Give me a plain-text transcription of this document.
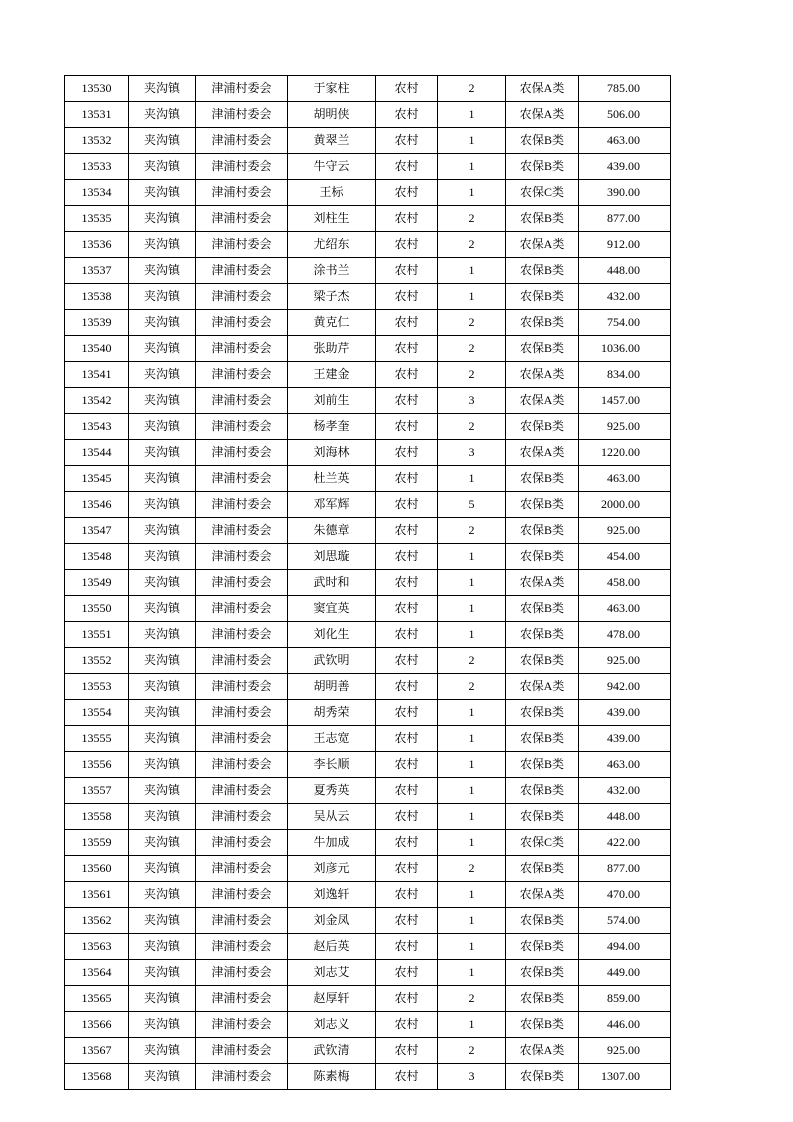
13530	夹沟镇	津浦村委会	于家柱	农村	2	农保A类	785.00
13531	夹沟镇	津浦村委会	胡明侠	农村	1	农保A类	506.00
13532	夹沟镇	津浦村委会	黄翠兰	农村	1	农保B类	463.00
13533	夹沟镇	津浦村委会	牛守云	农村	1	农保B类	439.00
13534	夹沟镇	津浦村委会	王标	农村	1	农保C类	390.00
13535	夹沟镇	津浦村委会	刘柱生	农村	2	农保B类	877.00
13536	夹沟镇	津浦村委会	尤绍东	农村	2	农保A类	912.00
13537	夹沟镇	津浦村委会	涂书兰	农村	1	农保B类	448.00
13538	夹沟镇	津浦村委会	梁子杰	农村	1	农保B类	432.00
13539	夹沟镇	津浦村委会	黄克仁	农村	2	农保B类	754.00
13540	夹沟镇	津浦村委会	张助芹	农村	2	农保B类	1036.00
13541	夹沟镇	津浦村委会	王建金	农村	2	农保A类	834.00
13542	夹沟镇	津浦村委会	刘前生	农村	3	农保A类	1457.00
13543	夹沟镇	津浦村委会	杨孝奎	农村	2	农保B类	925.00
13544	夹沟镇	津浦村委会	刘海林	农村	3	农保A类	1220.00
13545	夹沟镇	津浦村委会	杜兰英	农村	1	农保B类	463.00
13546	夹沟镇	津浦村委会	邓军辉	农村	5	农保B类	2000.00
13547	夹沟镇	津浦村委会	朱德章	农村	2	农保B类	925.00
13548	夹沟镇	津浦村委会	刘思璇	农村	1	农保B类	454.00
13549	夹沟镇	津浦村委会	武时和	农村	1	农保A类	458.00
13550	夹沟镇	津浦村委会	窦宜英	农村	1	农保B类	463.00
13551	夹沟镇	津浦村委会	刘化生	农村	1	农保B类	478.00
13552	夹沟镇	津浦村委会	武钦明	农村	2	农保B类	925.00
13553	夹沟镇	津浦村委会	胡明善	农村	2	农保A类	942.00
13554	夹沟镇	津浦村委会	胡秀荣	农村	1	农保B类	439.00
13555	夹沟镇	津浦村委会	王志宽	农村	1	农保B类	439.00
13556	夹沟镇	津浦村委会	李长顺	农村	1	农保B类	463.00
13557	夹沟镇	津浦村委会	夏秀英	农村	1	农保B类	432.00
13558	夹沟镇	津浦村委会	吴从云	农村	1	农保B类	448.00
13559	夹沟镇	津浦村委会	牛加成	农村	1	农保C类	422.00
13560	夹沟镇	津浦村委会	刘彦元	农村	2	农保B类	877.00
13561	夹沟镇	津浦村委会	刘逸轩	农村	1	农保A类	470.00
13562	夹沟镇	津浦村委会	刘金凤	农村	1	农保B类	574.00
13563	夹沟镇	津浦村委会	赵后英	农村	1	农保B类	494.00
13564	夹沟镇	津浦村委会	刘志艾	农村	1	农保B类	449.00
13565	夹沟镇	津浦村委会	赵厚轩	农村	2	农保B类	859.00
13566	夹沟镇	津浦村委会	刘志义	农村	1	农保B类	446.00
13567	夹沟镇	津浦村委会	武钦清	农村	2	农保A类	925.00
13568	夹沟镇	津浦村委会	陈素梅	农村	3	农保B类	1307.00
